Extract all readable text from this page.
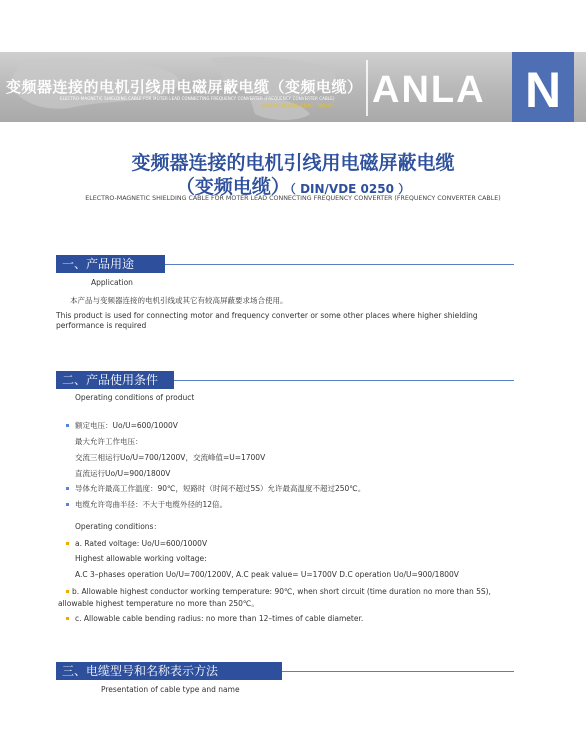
变频器连接的电机引线用电磁屏蔽电缆（变频电缆）
ELECTRO-MAGNETIC SHIELDING CABLE FOR MOTER LEAD CONNECTING FREQUENCY CONVERTER (FREQUENCY CONVERTER CABLE)
服务宗旨：精益求精 质量第一 "ANLAN" ANLA N
变频器连接的电机引线用电磁屏蔽电缆
（变频电缆）（ DIN/VDE 0250 ）
ELECTRO-MAGNETIC SHIELDING CABLE FOR MOTER LEAD CONNECTING FREQUENCY CONVERTER (FREQUENCY CONVERTER CABLE)
一、产品用途
Application
本产品与变频器连接的电机引线或其它有较高屏蔽要求场合使用。
This product is used for connecting motor and frequency converter or some other places where higher shielding performance is required
二、产品使用条件
Operating conditions of product
额定电压：Uo/U=600/1000V
最大允许工作电压：
交流三相运行Uo/U=700/1200V，交流峰值=U=1700V
直流运行Uo/U=900/1800V
导体允许最高工作温度：90℃，短路时（时间不超过5S）允许最高温度不超过250℃。
电缆允许弯曲半径：不大于电缆外径的12倍。
Operating conditions：
a. Rated voltage: Uo/U=600/1000V
Highest allowable working voltage:
A.C 3–phases operation Uo/U=700/1200V, A.C peak value= U=1700V D.C operation Uo/U=900/1800V
b. Allowable highest conductor working temperature: 90℃, when short circuit (time duration no more than 5S),
allowable highest temperature no more than 250℃。
c. Allowable cable bending radius: no more than 12–times of cable diameter.
三、电缆型号和名称表示方法
Presentation of cable type and name
